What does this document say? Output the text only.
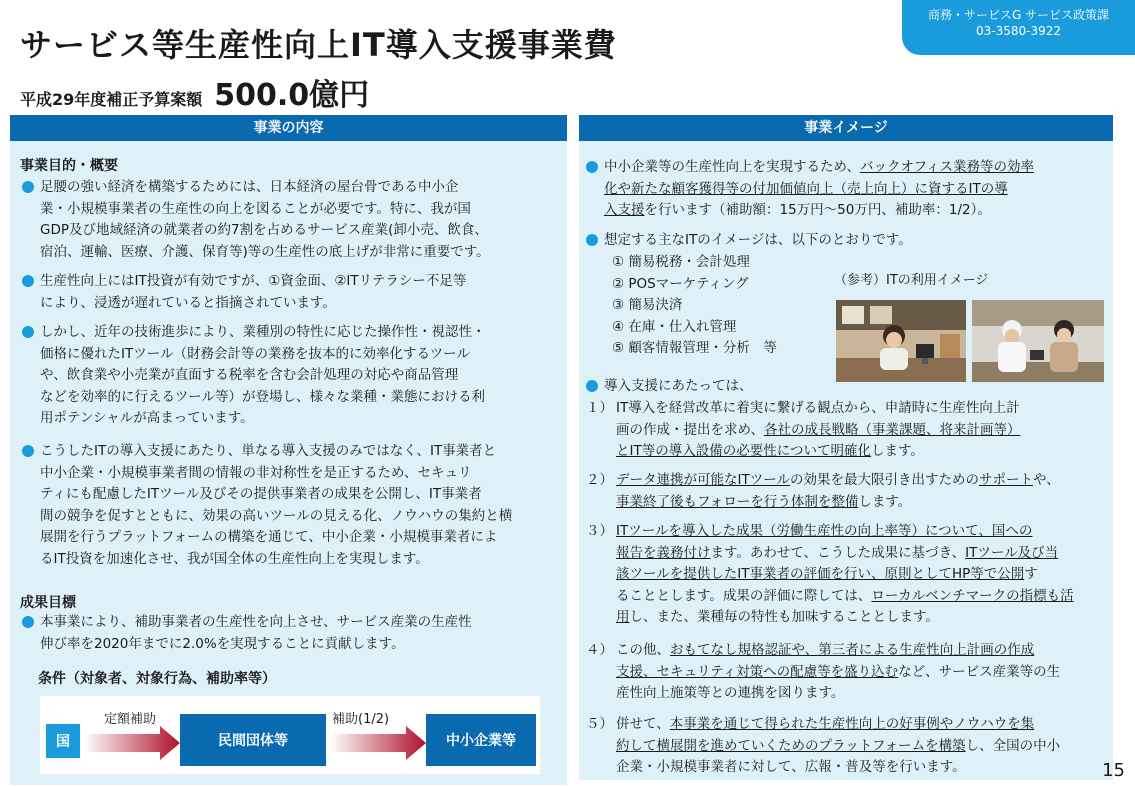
サービス等生産性向上IT導入支援事業費
平成29年度補正予算案額 500.0億円
商務・サービスG サービス政策課
03-3580-3922
事業の内容
事業目的・概要
足腰の強い経済を構築するためには、日本経済の屋台骨である中小企
業・小規模事業者の生産性の向上を図ることが必要です。特に、我が国
GDP及び地域経済の就業者の約7割を占めるサービス産業(卸小売、飲食、
宿泊、運輸、医療、介護、保育等)等の生産性の底上げが非常に重要です。
生産性向上にはIT投資が有効ですが、①資金面、②ITリテラシー不足等
により、浸透が遅れていると指摘されています。
しかし、近年の技術進歩により、業種別の特性に応じた操作性・視認性・
価格に優れたITツール（財務会計等の業務を抜本的に効率化するツール
や、飲食業や小売業が直面する税率を含む会計処理の対応や商品管理
などを効率的に行えるツール等）が登場し、様々な業種・業態における利
用ポテンシャルが高まっています。
こうしたITの導入支援にあたり、単なる導入支援のみではなく、IT事業者と
中小企業・小規模事業者間の情報の非対称性を是正するため、セキュリ
ティにも配慮したITツール及びその提供事業者の成果を公開し、IT事業者
間の競争を促すとともに、効果の高いツールの見える化、ノウハウの集約と横
展開を行うプラットフォームの構築を通じて、中小企業・小規模事業者によ
るIT投資を加速化させ、我が国全体の生産性向上を実現します。
成果目標
本事業により、補助事業者の生産性を向上させ、サービス産業の生産性
伸び率を2020年までに2.0%を実現することに貢献します。
条件（対象者、対象行為、補助率等）
国
定額補助
民間団体等
補助(1/2)
中小企業等
事業イメージ
中小企業等の生産性向上を実現するため、バックオフィス業務等の効率
化や新たな顧客獲得等の付加価値向上（売上向上）に資するITの導
入支援を行います（補助額：15万円～50万円、補助率：1/2）。
想定する主なITのイメージは、以下のとおりです。
① 簡易税務・会計処理
② POSマーケティング
③ 簡易決済
④ 在庫・仕入れ管理
⑤ 顧客情報管理・分析　等
（参考）ITの利用イメージ
導入支援にあたっては、
１） IT導入を経営改革に着実に繋げる観点から、申請時に生産性向上計
画の作成・提出を求め、各社の成長戦略（事業課題、将来計画等）
とIT等の導入設備の必要性について明確化します。
２） データ連携が可能なITツールの効果を最大限引き出すためのサポートや、
事業終了後もフォローを行う体制を整備します。
３） ITツールを導入した成果（労働生産性の向上率等）について、国への
報告を義務付けます。あわせて、こうした成果に基づき、ITツール及び当
該ツールを提供したIT事業者の評価を行い、原則としてHP等で公開す
ることとします。成果の評価に際しては、ローカルベンチマークの指標も活
用し、また、業種毎の特性も加味することとします。
４） この他、おもてなし規格認証や、第三者による生産性向上計画の作成
支援、セキュリティ対策への配慮等を盛り込むなど、サービス産業等の生
産性向上施策等との連携を図ります。
５） 併せて、本事業を通じて得られた生産性向上の好事例やノウハウを集
約して横展開を進めていくためのプラットフォームを構築し、全国の中小
企業・小規模事業者に対して、広報・普及等を行います。	15
